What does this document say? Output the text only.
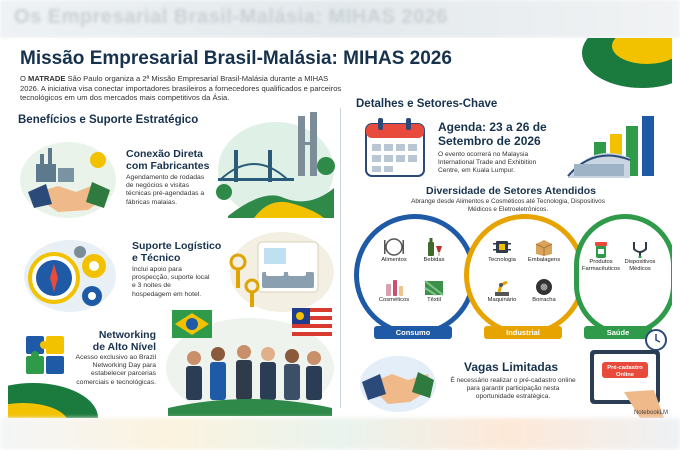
Os Empresarial Brasil-Malásia: MIHAS 2026
Missão Empresarial Brasil-Malásia: MIHAS 2026

O MATRADE São Paulo organiza a 2ª Missão Empresarial Brasil-Malásia durante a MIHAS 2026. A iniciativa visa conectar importadores brasileiros a fornecedores qualificados e parceiros tecnológicos em um dos mercados mais competitivos da Ásia.

Benefícios e Suporte Estratégico
Detalhes e Setores-Chave
Conexão Direta
com Fabricantes
Agendamento de rodadas de negócios e visitas técnicas pré-agendadas a fábricas malaias.
Suporte Logístico
e Técnico
Inclui apoio para prospecção, suporte local e 3 noites de hospedagem em hotel.
Networking
de Alto Nível
Acesso exclusivo ao Brazil Networking Day para estabelecer parcerias comerciais e tecnológicas.
Agenda: 23 a 26 de
Setembro de 2026
O evento ocorrerá no Malaysia International Trade and Exhibition Centre, em Kuala Lumpur.
Diversidade de Setores Atendidos
Abrange desde Alimentos e Cosméticos até Tecnologia, Dispositivos Médicos e Eletroeletrônicos.
Alimentos	Bebidas
Cosméticos	Têxtil
Consumo
Tecnologia	Embalagens
Maquinário	Borracha
Industrial
Produtos Farmacêuticos
Dispositivos Médicos
Saúde
Vagas Limitadas
É necessário realizar o pré-cadastro online para garantir participação nesta oportunidade estratégica.
Pré-cadastro Online
NotebookLM
